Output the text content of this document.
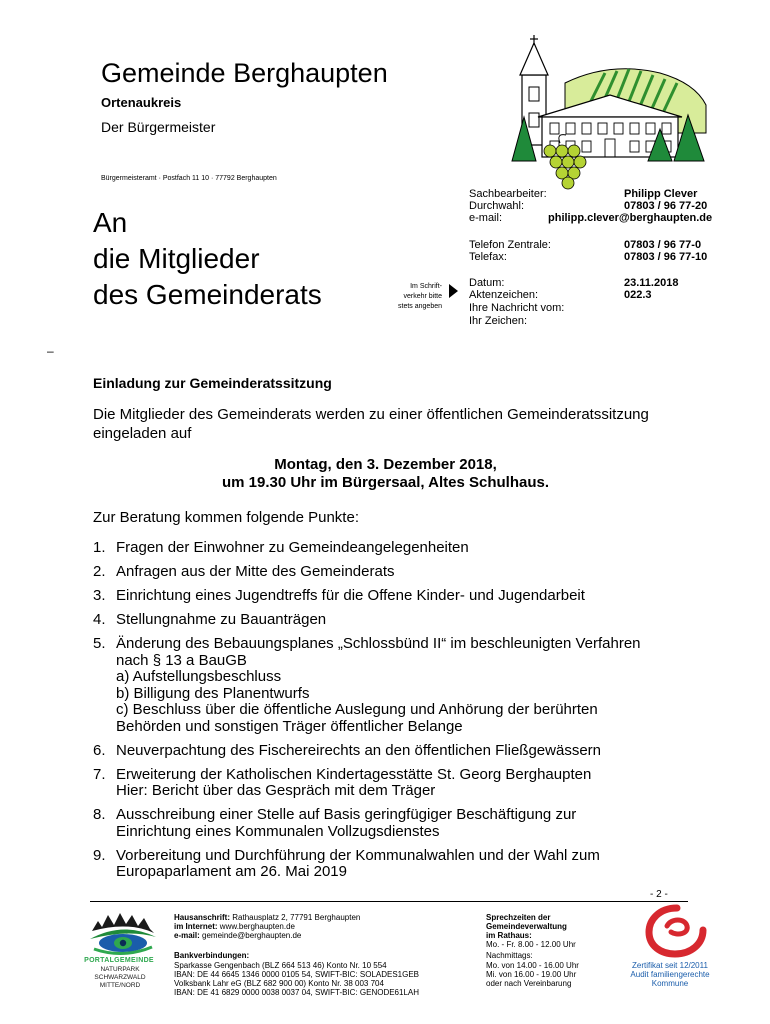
Gemeinde Berghaupten
Ortenaukreis
Der Bürgermeister
Bürgermeisteramt · Postfach 11 10 · 77792 Berghaupten
An
die Mitglieder
des Gemeinderats	Im Schrift-
verkehr bitte
stets angeben
Sachbearbeiter:	Philipp Clever
Durchwahl:	07803 / 96 77-20
e-mail:	philipp.clever@berghaupten.de
Telefon Zentrale:	07803 / 96 77-0
Telefax:	07803 / 96 77-10
Datum:	23.11.2018
Aktenzeichen:	022.3
Ihre Nachricht vom:
Ihr Zeichen:
–
Einladung zur Gemeinderatssitzung
Die Mitglieder des Gemeinderats werden zu einer öffentlichen Gemeinderatssitzung
eingeladen auf
Montag, den 3. Dezember 2018,
um 19.30 Uhr im Bürgersaal, Altes Schulhaus.
Zur Beratung kommen folgende Punkte:
1. Fragen der Einwohner zu Gemeindeangelegenheiten
2. Anfragen aus der Mitte des Gemeinderats
3. Einrichtung eines Jugendtreffs für die Offene Kinder- und Jugendarbeit
4. Stellungnahme zu Bauanträgen
5. Änderung des Bebauungsplanes „Schlossbünd II“ im beschleunigten Verfahren
nach § 13 a BauGB
a) Aufstellungsbeschluss
b) Billigung des Planentwurfs
c) Beschluss über die öffentliche Auslegung und Anhörung der berührten
Behörden und sonstigen Träger öffentlicher Belange
6. Neuverpachtung des Fischereirechts an den öffentlichen Fließgewässern
7. Erweiterung der Katholischen Kindertagesstätte St. Georg Berghaupten
Hier: Bericht über das Gespräch mit dem Träger
8. Ausschreibung einer Stelle auf Basis geringfügiger Beschäftigung zur
Einrichtung eines Kommunalen Vollzugsdienstes
9. Vorbereitung und Durchführung der Kommunalwahlen und der Wahl zum
Europaparlament am 26. Mai 2019
- 2 -
PORTALGEMEINDE
NATURPARK
SCHWARZWALD
MITTE/NORD
Hausanschrift: Rathausplatz 2, 77791 Berghaupten
im Internet: www.berghaupten.de
e-mail: gemeinde@berghaupten.de
Bankverbindungen:
Sparkasse Gengenbach (BLZ 664 513 46) Konto Nr. 10 554
IBAN: DE 44 6645 1346 0000 0105 54, SWIFT-BIC: SOLADES1GEB
Volksbank Lahr eG (BLZ 682 900 00) Konto Nr. 38 003 704
IBAN: DE 41 6829 0000 0038 0037 04, SWIFT-BIC: GENODE61LAH
Sprechzeiten der
Gemeindeverwaltung
im Rathaus:
Mo. - Fr. 8.00 - 12.00 Uhr
Nachmittags:
Mo. von 14.00 - 16.00 Uhr
Mi. von 16.00 - 19.00 Uhr
oder nach Vereinbarung
Zertifikat seit 12/2011
Audit familiengerechte
Kommune
